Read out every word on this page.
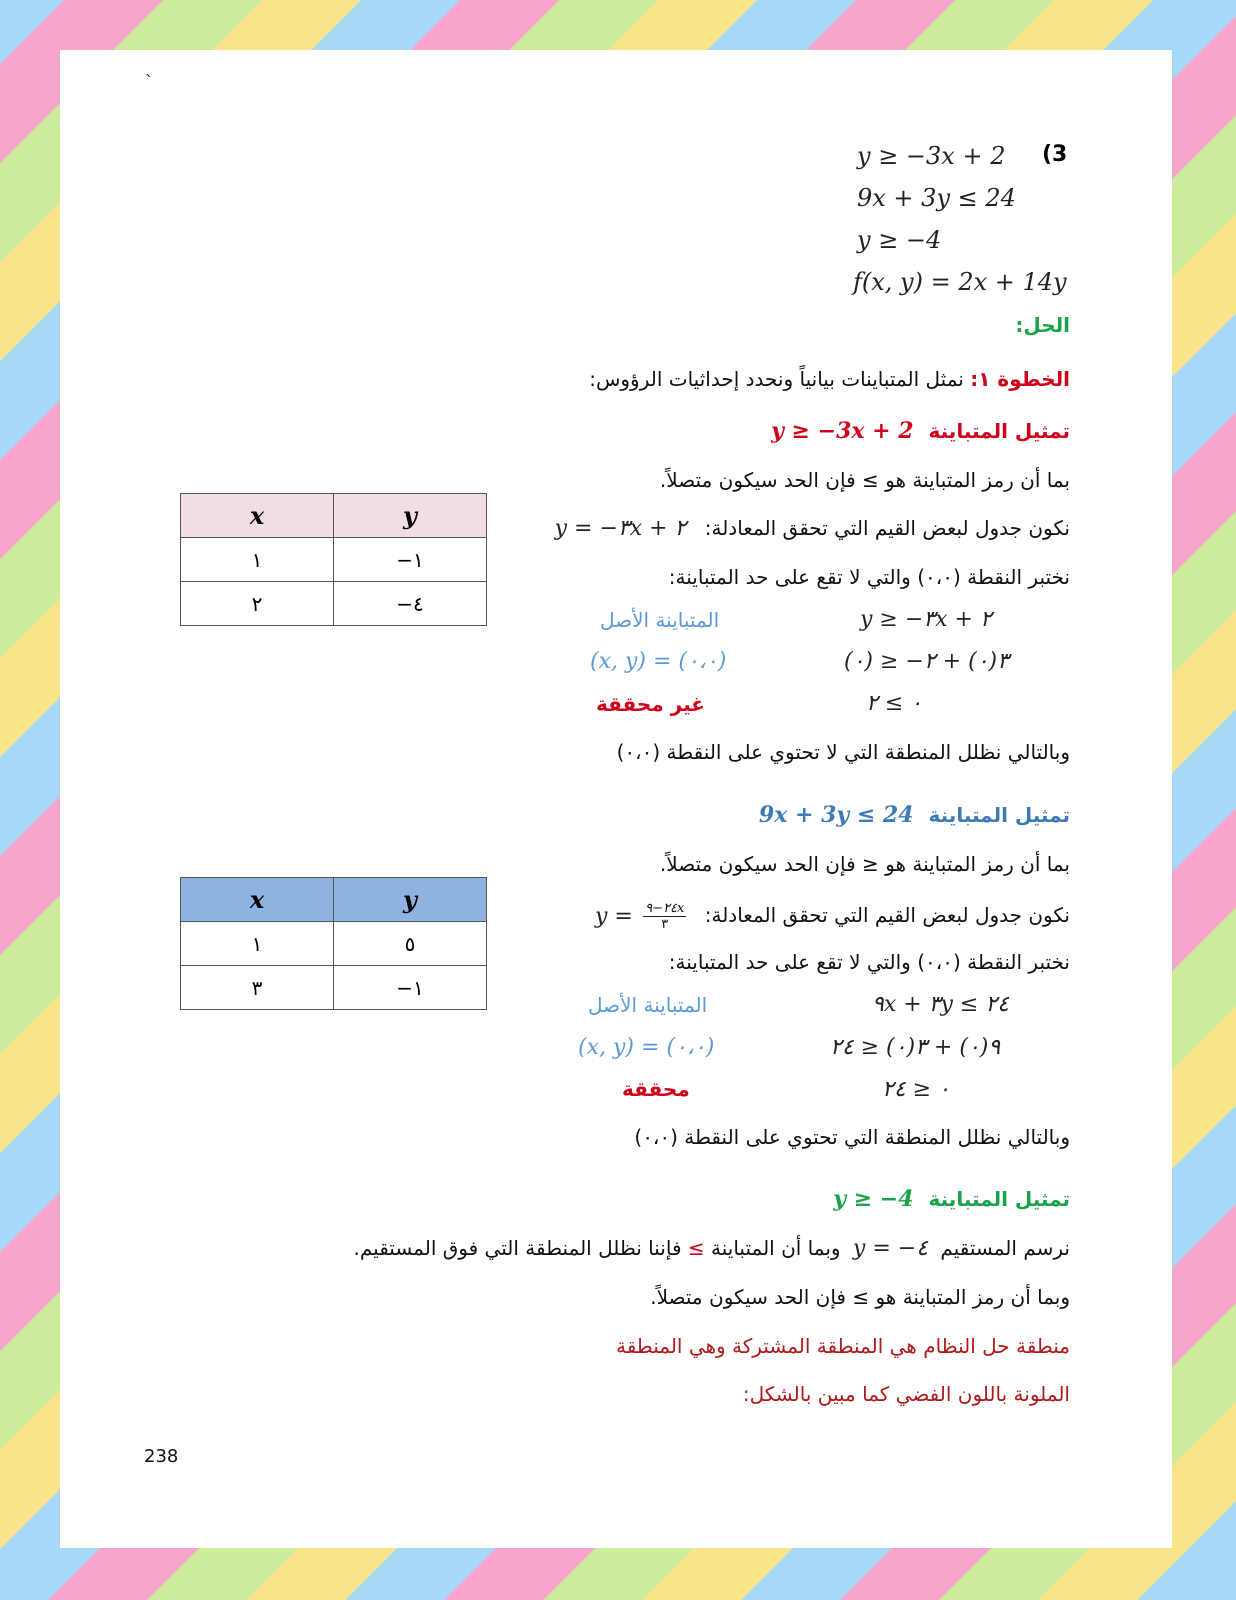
`
(3
y ≥ −3x + 2
9x + 3y ≤ 24
y ≥ −4
f(x, y) = 2x + 14y
الحل:
الخطوة ١: نمثل المتباينات بيانياً ونحدد إحداثيات الرؤوس:
تمثيل المتباينة y ≥ −3x + 2
بما أن رمز المتباينة هو ≥ فإن الحد سيكون متصلاً.
نكون جدول لبعض القيم التي تحقق المعادلة: y = −٣x + ٢
نختبر النقطة (٠،٠) والتي لا تقع على حد المتباينة:
y ≥ −٣x + ٢
(٠) ≥ −٣(٠) + ٢
٠ ≥ ٢
المتباينة الأصل
(x, y) = (٠،٠)
غير محققة
وبالتالي نظلل المنطقة التي لا تحتوي على النقطة (٠،٠)
x	y
١	−١
٢	−٤
تمثيل المتباينة 9x + 3y ≤ 24
بما أن رمز المتباينة هو ≤ فإن الحد سيكون متصلاً.
نكون جدول لبعض القيم التي تحقق المعادلة: y = ٢٤−٩x
٣
نختبر النقطة (٠،٠) والتي لا تقع على حد المتباينة:
٩x + ٣y ≤ ٢٤
٩(٠) + ٣(٠) ≤ ٢٤
٠ ≤ ٢٤
المتباينة الأصل
(x, y) = (٠،٠)
محققة
وبالتالي نظلل المنطقة التي تحتوي على النقطة (٠،٠)
x	y
١	٥
٣	−١
تمثيل المتباينة y ≥ −4
نرسم المستقيم y = −٤ وبما أن المتباينة ≥ فإننا نظلل المنطقة التي فوق المستقيم.
وبما أن رمز المتباينة هو ≥ فإن الحد سيكون متصلاً.
منطقة حل النظام هي المنطقة المشتركة وهي المنطقة
الملونة باللون الفضي كما مبين بالشكل:
238
